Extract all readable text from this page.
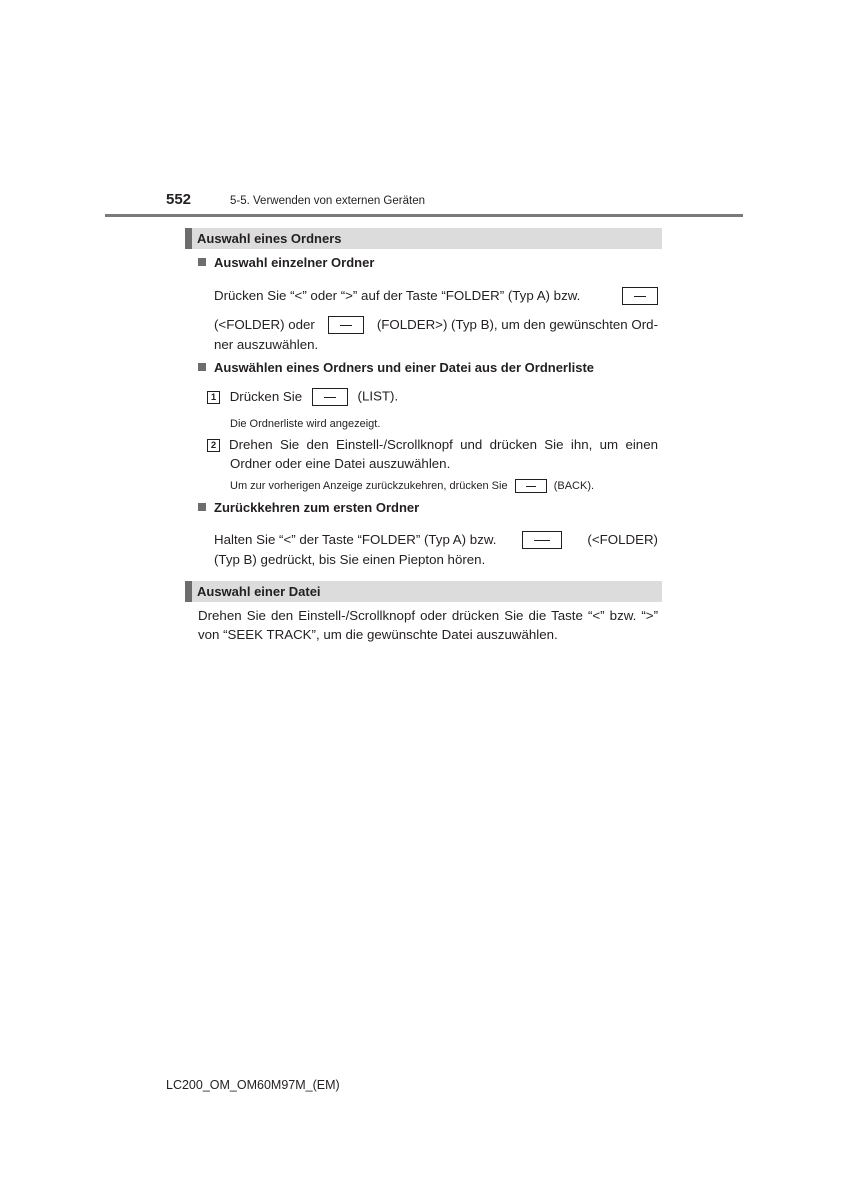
552	5-5. Verwenden von externen Geräten
Auswahl eines Ordners
Auswahl einzelner Ordner
Drücken Sie “<” oder “>” auf der Taste “FOLDER” (Typ A) bzw.
(<FOLDER) oder	(FOLDER>) (Typ B), um den gewünschten Ord-
ner auszuwählen.
Auswählen eines Ordners und einer Datei aus der Ordnerliste
1 Drücken Sie	(LIST).
Die Ordnerliste wird angezeigt.
2 Drehen Sie den Einstell-/Scrollknopf und drücken Sie ihn, um einen
Ordner oder eine Datei auszuwählen.
Um zur vorherigen Anzeige zurückzukehren, drücken Sie	(BACK).
Zurückkehren zum ersten Ordner
Halten Sie “<” der Taste “FOLDER” (Typ A) bzw.	(<FOLDER)
(Typ B) gedrückt, bis Sie einen Piepton hören.
Auswahl einer Datei
Drehen Sie den Einstell-/Scrollknopf oder drücken Sie die Taste “<” bzw. “>”
von “SEEK TRACK”, um die gewünschte Datei auszuwählen.
LC200_OM_OM60M97M_(EM)
